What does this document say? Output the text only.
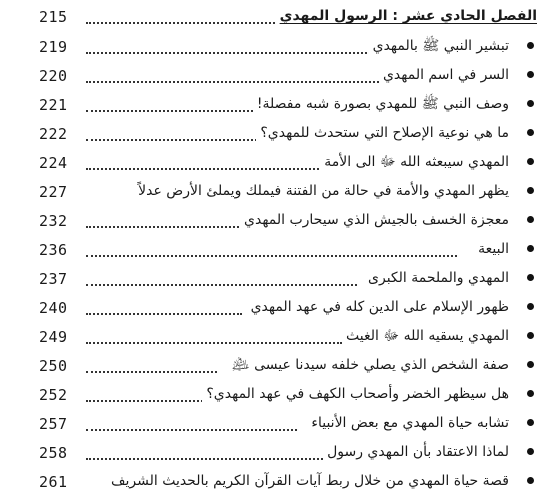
215	الفصل الحادي عشر : الرسول المهدي
219	تبشير النبي ﷺ بالمهدي
220	السر في اسم المهدي
221	وصف النبي ﷺ للمهدي بصورة شبه مفصلة!
222	ما هي نوعية الإصلاح التي ستحدث للمهدي؟
224	المهدي سيبعثه الله ﷻ الى الأمة
227	يظهر المهدي والأمة في حالة من الفتنة فيملك ويملئ الأرض عدلاً
232	معجزة الخسف بالجيش الذي سيحارب المهدي
236	البيعة
237	المهدي والملحمة الكبرى
240	ظهور الإسلام على الدين كله في عهد المهدي
249	المهدي يسقيه الله ﷻ الغيث
250	صفة الشخص الذي يصلي خلفه سيدنا عيسى ﵇
252	هل سيظهر الخضر وأصحاب الكهف في عهد المهدي؟
257	تشابه حياة المهدي مع بعض الأنبياء
258	لماذا الاعتقاد بأن المهدي رسول
261	قصة حياة المهدي من خلال ربط آيات القرآن الكريم بالحديث الشريف
